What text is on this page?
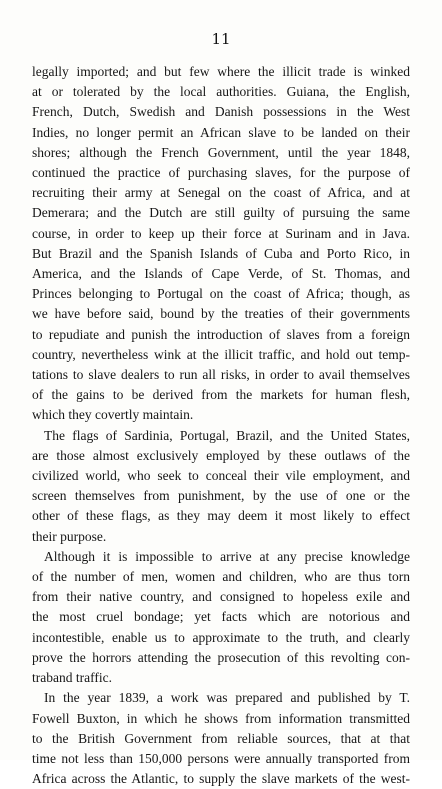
11

legally imported; and but few where the illicit trade is winked
at or tolerated by the local authorities. Guiana, the English,
French, Dutch, Swedish and Danish possessions in the West
Indies, no longer permit an African slave to be landed on their
shores; although the French Government, until the year 1848,
continued the practice of purchasing slaves, for the purpose of
recruiting their army at Senegal on the coast of Africa, and at
Demerara; and the Dutch are still guilty of pursuing the same
course, in order to keep up their force at Surinam and in Java.
But Brazil and the Spanish Islands of Cuba and Porto Rico, in
America, and the Islands of Cape Verde, of St. Thomas, and
Princes belonging to Portugal on the coast of Africa; though, as
we have before said, bound by the treaties of their governments
to repudiate and punish the introduction of slaves from a foreign
country, nevertheless wink at the illicit traffic, and hold out temp-
tations to slave dealers to run all risks, in order to avail themselves
of the gains to be derived from the markets for human flesh,
which they covertly maintain.

The flags of Sardinia, Portugal, Brazil, and the United States,
are those almost exclusively employed by these outlaws of the
civilized world, who seek to conceal their vile employment, and
screen themselves from punishment, by the use of one or the
other of these flags, as they may deem it most likely to effect
their purpose.

Although it is impossible to arrive at any precise knowledge
of the number of men, women and children, who are thus torn
from their native country, and consigned to hopeless exile and
the most cruel bondage; yet facts which are notorious and
incontestible, enable us to approximate to the truth, and clearly
prove the horrors attending the prosecution of this revolting con-
traband traffic.

In the year 1839, a work was prepared and published by T.
Fowell Buxton, in which he shows from information transmitted
to the British Government from reliable sources, that at that
time not less than 150,000 persons were annually transported from
Africa across the Atlantic, to supply the slave markets of the west-
